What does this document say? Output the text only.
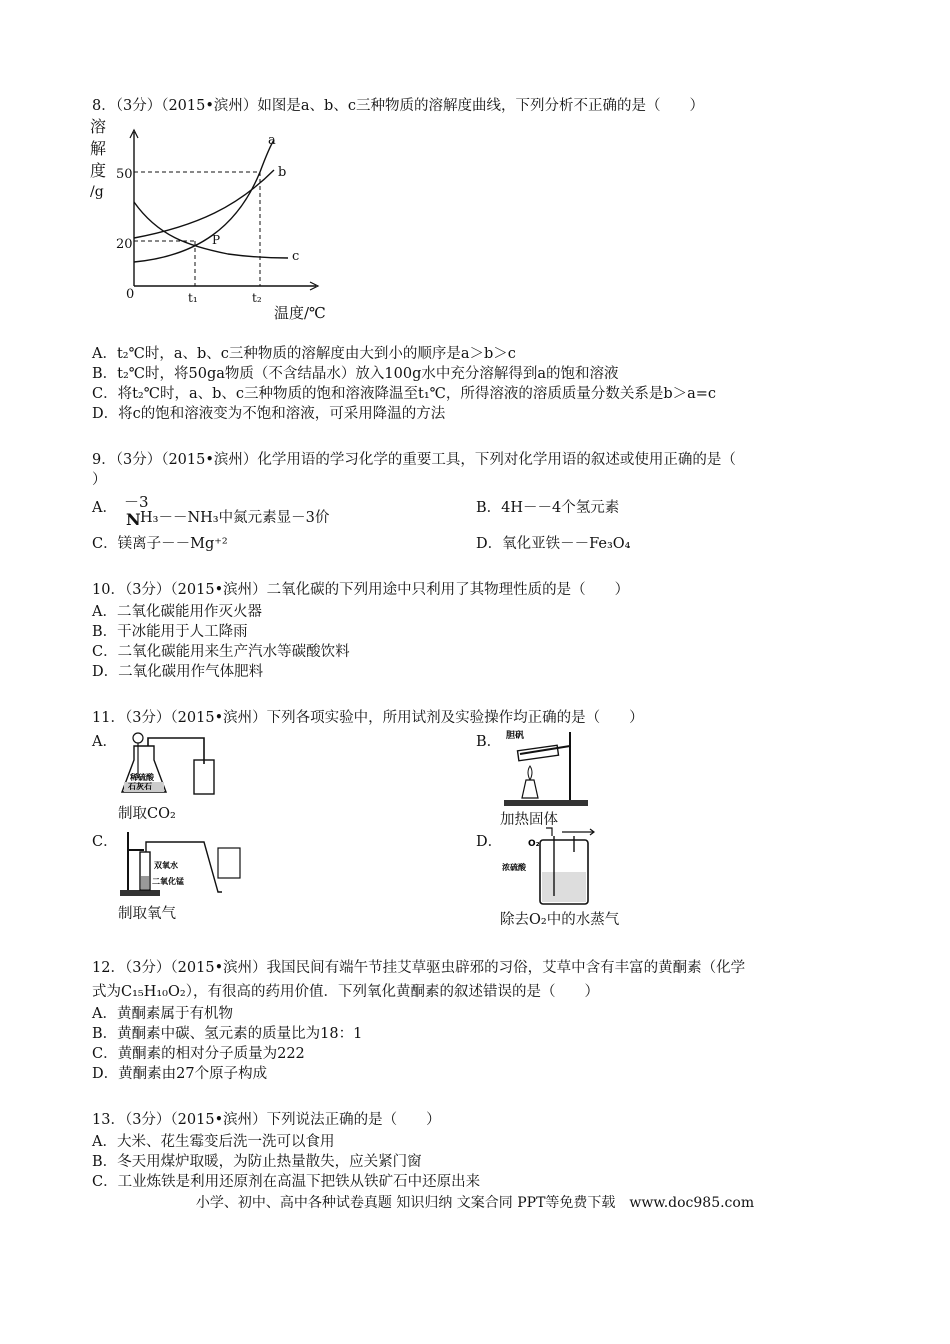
8．（3分）（2015•滨州）如图是a、b、c三种物质的溶解度曲线，下列分析不正确的是（　　）
溶
解
度
/g
50
20
0	t₁	t₂
温度/℃
a
b
c
P
A．t₂℃时，a、b、c三种物质的溶解度由大到小的顺序是a＞b＞c
B．t₂℃时，将50ga物质（不含结晶水）放入100g水中充分溶解得到a的饱和溶液
C．将t₂℃时，a、b、c三种物质的饱和溶液降温至t₁℃，所得溶液的溶质质量分数关系是b＞a=c
D．将c的饱和溶液变为不饱和溶液，可采用降温的方法
9．（3分）（2015•滨州）化学用语的学习化学的重要工具，下列对化学用语的叙述或使用正确的是（
）
A． －3
N H₃－－NH₃中氮元素显－3价
B．4H－－4个氢元素
C．镁离子－－Mg⁺²	D．氧化亚铁－－Fe₃O₄
10．（3分）（2015•滨州）二氧化碳的下列用途中只利用了其物理性质的是（　　）
A．二氧化碳能用作灭火器
B．干冰能用于人工降雨
C．二氧化碳能用来生产汽水等碳酸饮料
D．二氧化碳用作气体肥料
11．（3分）（2015•滨州）下列各项实验中，所用试剂及实验操作均正确的是（　　）
A．
稀硫酸
石灰石
制取CO₂
B． 胆矾
加热固体
C．
双氧水
二氧化锰
制取氧气
D．	O₂
浓硫酸
除去O₂中的水蒸气
12．（3分）（2015•滨州）我国民间有端午节挂艾草驱虫辟邪的习俗，艾草中含有丰富的黄酮素（化学
式为C₁₅H₁₀O₂），有很高的药用价值．下列氧化黄酮素的叙述错误的是（　　）
A．黄酮素属于有机物
B．黄酮素中碳、氢元素的质量比为18：1
C．黄酮素的相对分子质量为222
D．黄酮素由27个原子构成
13．（3分）（2015•滨州）下列说法正确的是（　　）
A．大米、花生霉变后洗一洗可以食用
B．冬天用煤炉取暖，为防止热量散失，应关紧门窗
C．工业炼铁是利用还原剂在高温下把铁从铁矿石中还原出来
小学、初中、高中各种试卷真题 知识归纳 文案合同 PPT等免费下载　www.doc985.com
